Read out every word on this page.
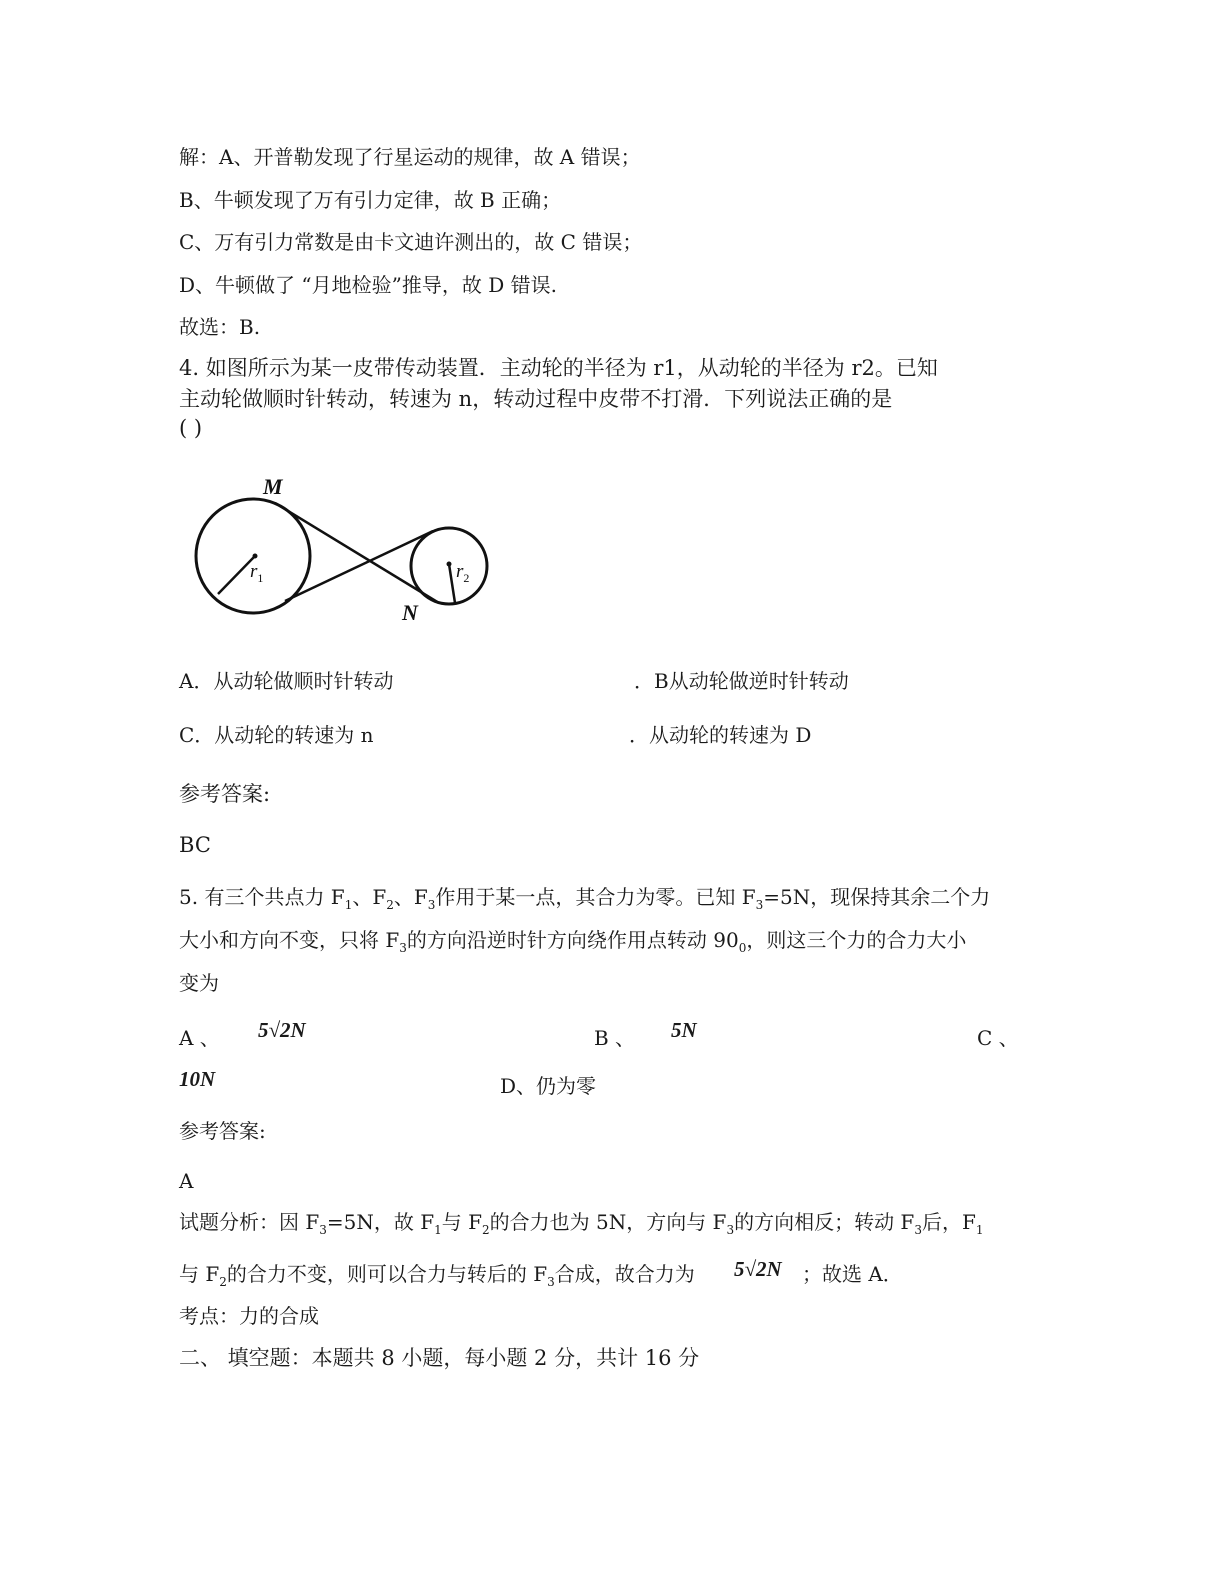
解：A、开普勒发现了行星运动的规律，故 A 错误；
B、牛顿发现了万有引力定律，故 B 正确；
C、万有引力常数是由卡文迪许测出的，故 C 错误；
D、牛顿做了 “月地检验”推导，故 D 错误.
故选：B.
4. 如图所示为某一皮带传动装置．主动轮的半径为 r1，从动轮的半径为 r2。已知
主动轮做顺时针转动，转速为 n，转动过程中皮带不打滑．下列说法正确的是
( )
M
N
$r_1$	$r_2$
A．从动轮做顺时针转动	．B从动轮做逆时针转动
C．从动轮的转速为 n	．从动轮的转速为 D
参考答案:
BC
5. 有三个共点力 $F_1$、$F_2$、$F_3$作用于某一点，其合力为零。已知 $F_3=5N$，现保持其余二个力
大小和方向不变，只将 $F_3$的方向沿逆时针方向绕作用点转动 $90_0$，则这三个力的合力大小
变为
A 、 5√2N	B 、 5N	C 、
10N	D、仍为零
参考答案:
A
试题分析：因 $F_3=5N$，故 $F_1$与 $F_2$的合力也为 5N，方向与 $F_3$的方向相反；转动 $F_3$后，$F_1$
与 $F_2$的合力不变，则可以合力与转后的 $F_3$合成，故合力为 5√2N ；故选 A．
考点：力的合成
二、 填空题：本题共 8 小题，每小题 2 分，共计 16 分
